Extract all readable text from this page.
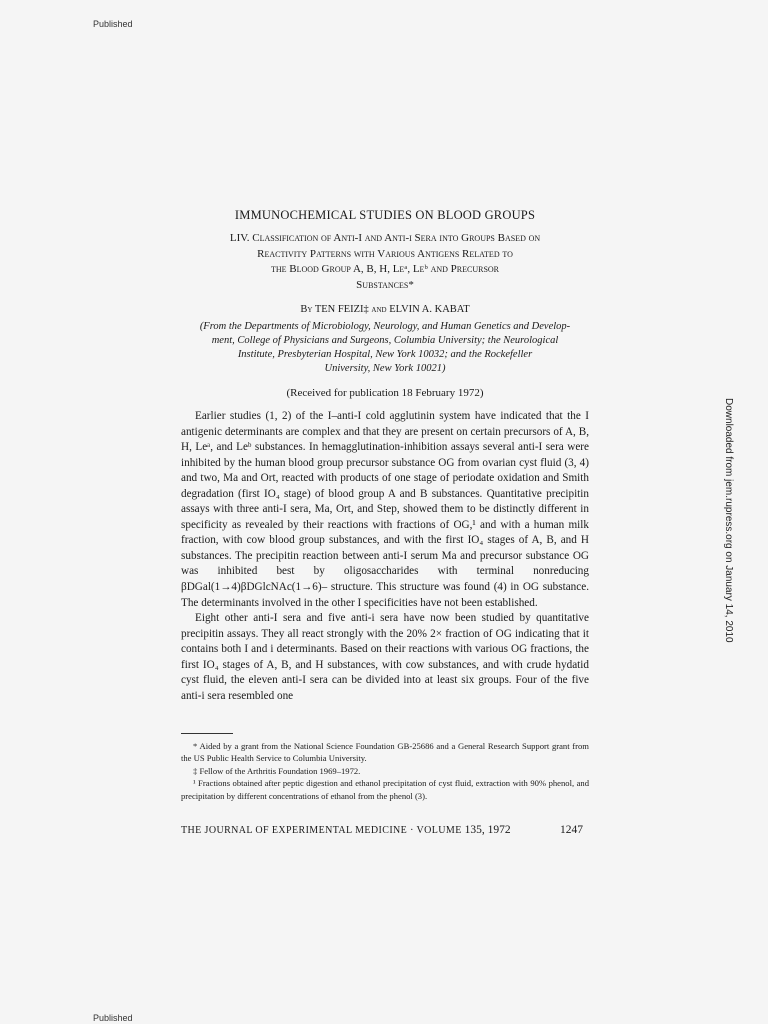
Published
Downloaded from jem.rupress.org on January 14, 2010
IMMUNOCHEMICAL STUDIES ON BLOOD GROUPS
LIV. Classification of Anti-I and Anti-i Sera into Groups Based on
Reactivity Patterns with Various Antigens Related to
the Blood Group A, B, H, Leᵃ, Leᵇ and Precursor
Substances*
By TEN FEIZI‡ and ELVIN A. KABAT
(From the Departments of Microbiology, Neurology, and Human Genetics and Develop-
ment, College of Physicians and Surgeons, Columbia University; the Neurological
Institute, Presbyterian Hospital, New York 10032; and the Rockefeller
University, New York 10021)
(Received for publication 18 February 1972)

Earlier studies (1, 2) of the I–anti-I cold agglutinin system have indicated that the I antigenic determinants are complex and that they are present on certain precursors of A, B, H, Leᵃ, and Leᵇ substances. In hemagglutination-inhibition assays several anti-I sera were inhibited by the human blood group precursor substance OG from ovarian cyst fluid (3, 4) and two, Ma and Ort, reacted with products of one stage of periodate oxidation and Smith degradation (first IO₄ stage) of blood group A and B substances. Quantitative precipitin assays with three anti-I sera, Ma, Ort, and Step, showed them to be distinctly different in specificity as revealed by their reactions with fractions of OG,¹ and with a human milk fraction, with cow blood group substances, and with the first IO₄ stages of A, B, and H substances. The precipitin reaction between anti-I serum Ma and precursor substance OG was inhibited best by oligosaccharides with terminal nonreducing βDGal(1→4)βDGlcNAc(1→6)– structure. This structure was found (4) in OG substance. The determinants involved in the other I specificities have not been established.

Eight other anti-I sera and five anti-i sera have now been studied by quantitative precipitin assays. They all react strongly with the 20% 2× fraction of OG indicating that it contains both I and i determinants. Based on their reactions with various OG fractions, the first IO₄ stages of A, B, and H substances, with cow substances, and with crude hydatid cyst fluid, the eleven anti-I sera can be divided into at least six groups. Four of the five anti-i sera resembled one

* Aided by a grant from the National Science Foundation GB-25686 and a General Research Support grant from the US Public Health Service to Columbia University.

‡ Fellow of the Arthritis Foundation 1969–1972.

¹ Fractions obtained after peptic digestion and ethanol precipitation of cyst fluid, extraction with 90% phenol, and precipitation by different concentrations of ethanol from the phenol (3).

THE JOURNAL OF EXPERIMENTAL MEDICINE · VOLUME 135, 1972	1247
Published
